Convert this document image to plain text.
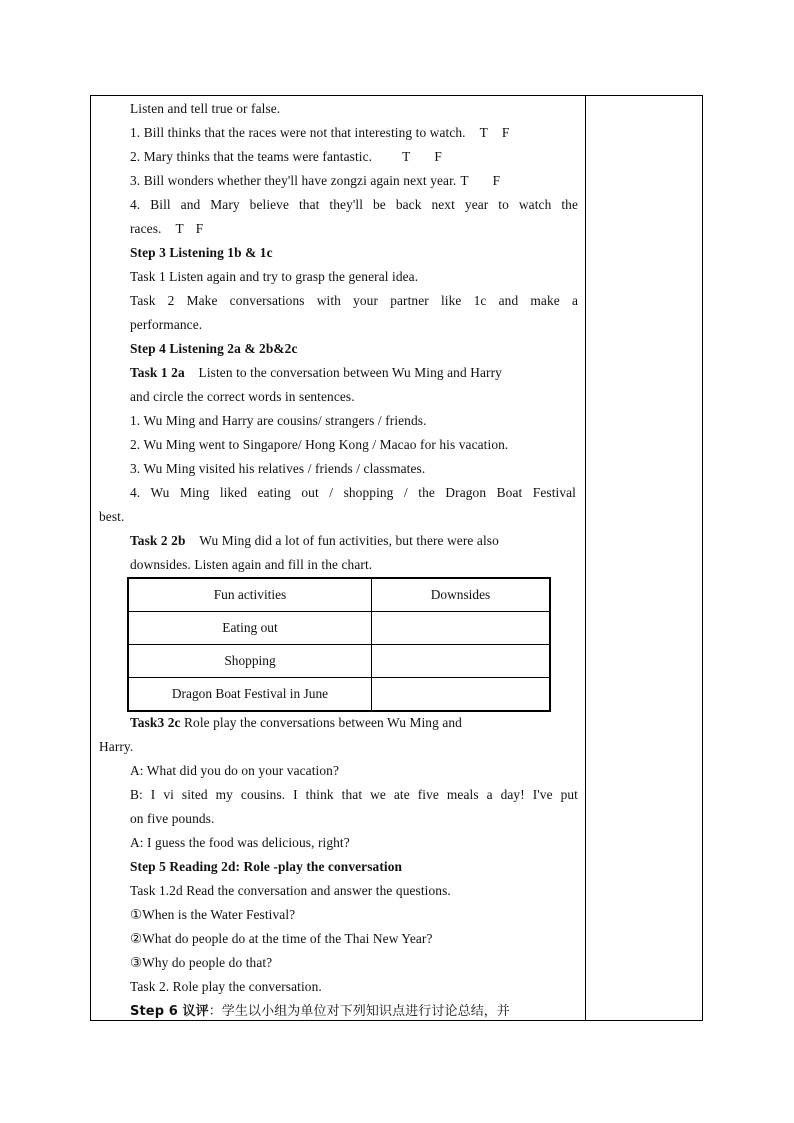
Listen and tell true or false.
1. Bill thinks that the races were not that interesting to watch. T F
2. Mary thinks that the teams were fantastic. T F
3. Bill wonders whether they'll have zongzi again next year. T F
4. Bill and Mary believe that they'll be back next year to watch the
races. T F
Step 3 Listening 1b & 1c
Task 1 Listen again and try to grasp the general idea.
Task 2 Make conversations with your partner like 1c and make a
performance.
Step 4 Listening 2a & 2b&2c
Task 1 2a Listen to the conversation between Wu Ming and Harry
and circle the correct words in sentences.
1. Wu Ming and Harry are cousins/ strangers / friends.
2. Wu Ming went to Singapore/ Hong Kong / Macao for his vacation.
3. Wu Ming visited his relatives / friends / classmates.
4. Wu Ming liked eating out / shopping / the Dragon Boat Festival
best.
Task 2 2b Wu Ming did a lot of fun activities, but there were also
downsides. Listen again and fill in the chart.
Fun activities	Downsides
Eating out	
Shopping	
Dragon Boat Festival in June	
Task3 2c Role play the conversations between Wu Ming and
Harry.
A: What did you do on your vacation?
B: I vi sited my cousins. I think that we ate five meals a day! I've put
on five pounds.
A: I guess the food was delicious, right?
Step 5 Reading 2d: Role -play the conversation
Task 1.2d Read the conversation and answer the questions.
①When is the Water Festival?
②What do people do at the time of the Thai New Year?
③Why do people do that?
Task 2. Role play the conversation.
Step 6 议评：学生以小组为单位对下列知识点进行讨论总结，并
